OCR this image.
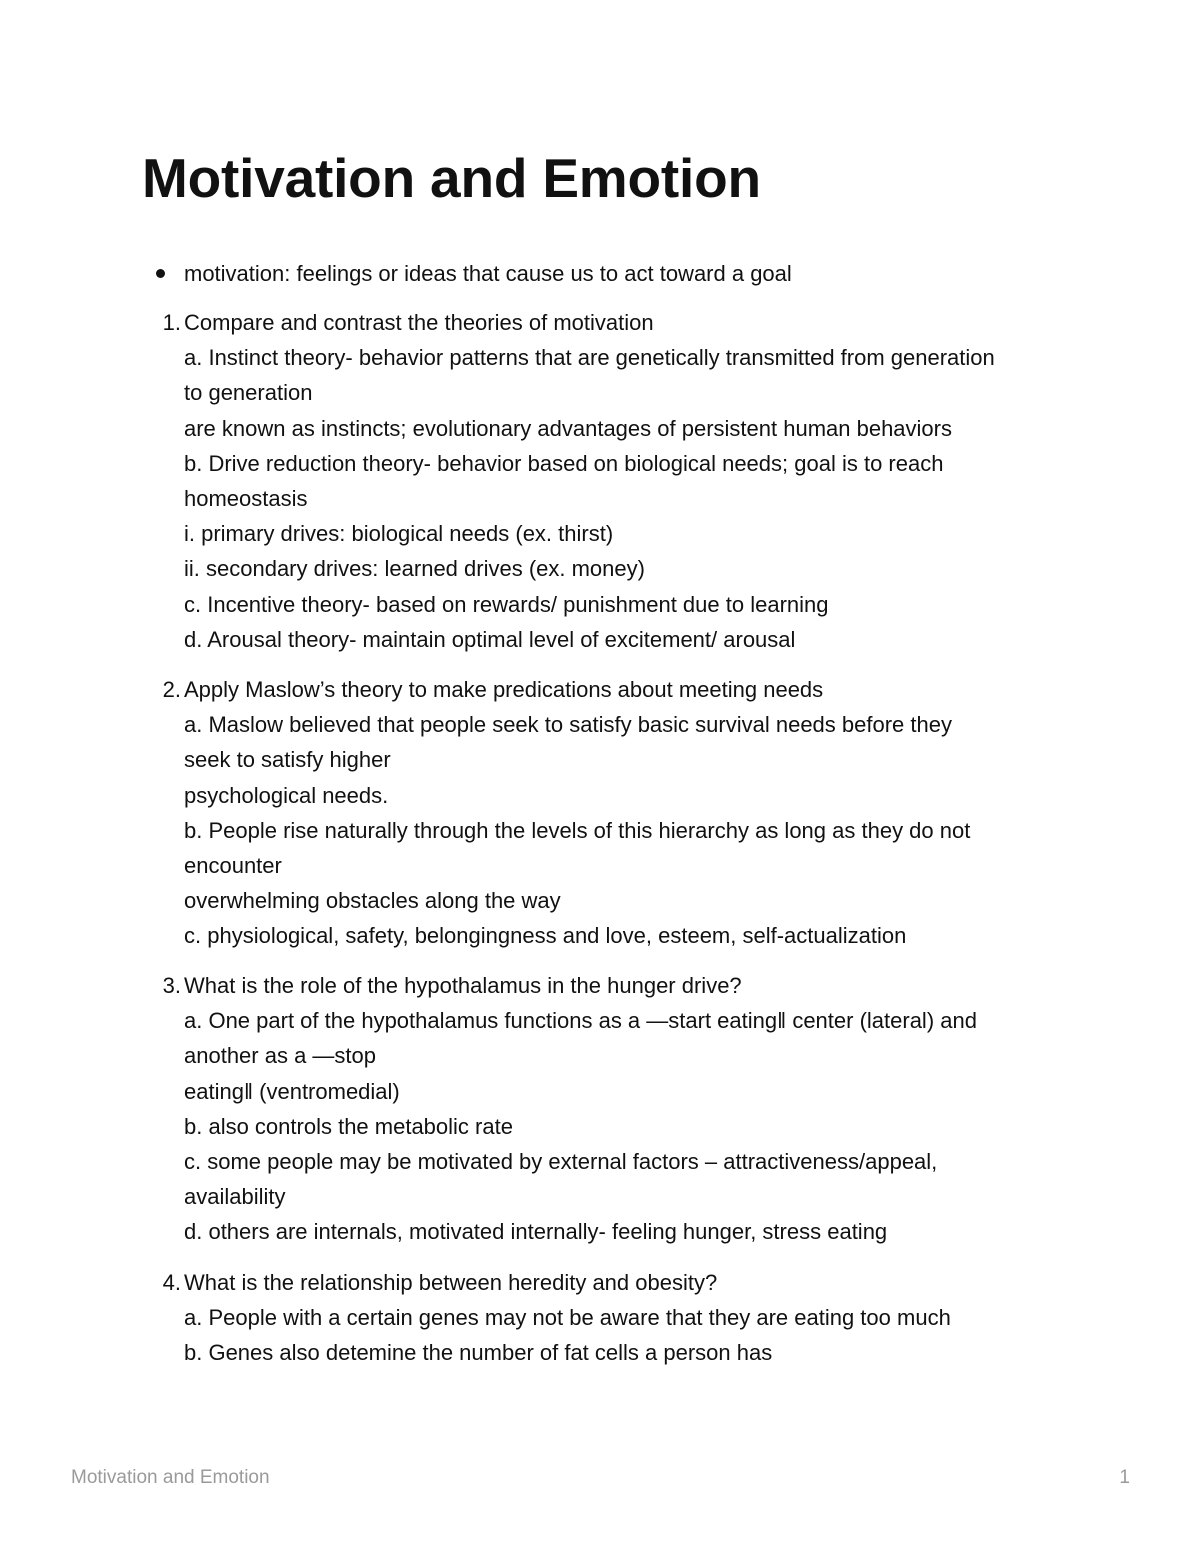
Motivation and Emotion
motivation: feelings or ideas that cause us to act toward a goal
1. Compare and contrast the theories of motivation
a. Instinct theory- behavior patterns that are genetically transmitted from generation
to generation
are known as instincts; evolutionary advantages of persistent human behaviors
b. Drive reduction theory- behavior based on biological needs; goal is to reach
homeostasis
i. primary drives: biological needs (ex. thirst)
ii. secondary drives: learned drives (ex. money)
c. Incentive theory- based on rewards/ punishment due to learning
d. Arousal theory- maintain optimal level of excitement/ arousal
2. Apply Maslow’s theory to make predications about meeting needs
a. Maslow believed that people seek to satisfy basic survival needs before they
seek to satisfy higher
psychological needs.
b. People rise naturally through the levels of this hierarchy as long as they do not
encounter
overwhelming obstacles along the way
c. physiological, safety, belongingness and love, esteem, self-actualization
3. What is the role of the hypothalamus in the hunger drive?
a. One part of the hypothalamus functions as a ―start eating‖ center (lateral) and
another as a ―stop
eating‖ (ventromedial)
b. also controls the metabolic rate
c. some people may be motivated by external factors – attractiveness/appeal,
availability
d. others are internals, motivated internally- feeling hunger, stress eating
4. What is the relationship between heredity and obesity?
a. People with a certain genes may not be aware that they are eating too much
b. Genes also detemine the number of fat cells a person has
Motivation and Emotion	1
